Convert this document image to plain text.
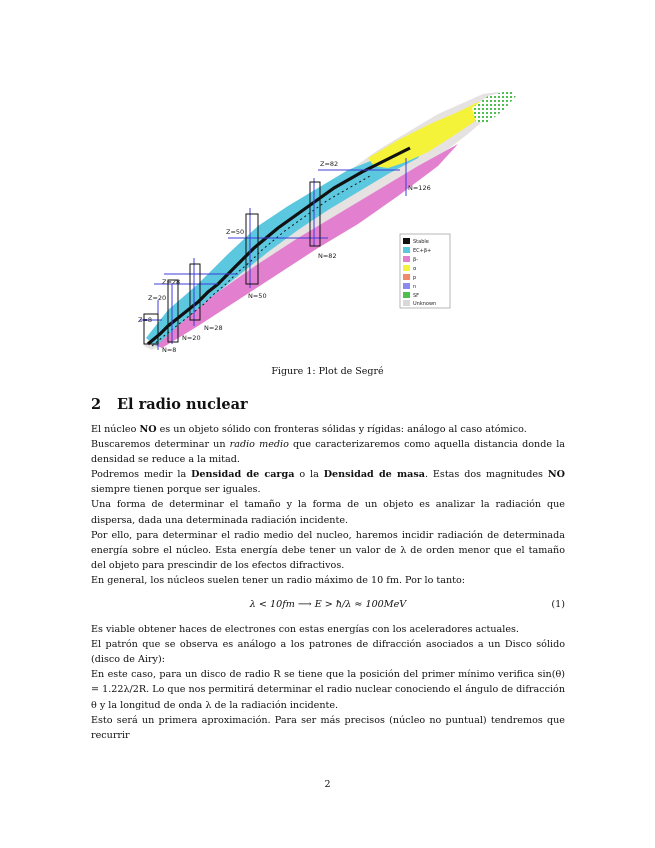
Z=8
Z=20
Z=28
Z=50
Z=82
N=8
N=20
N=28
N=50
N=82
N=126
Stable
EC+β+
β-
α
p
n
SF
Unknown
Figure 1: Plot de Segré
2 El radio nuclear

El núcleo NO es un objeto sólido con fronteras sólidas y rígidas: análogo al caso atómico.

Buscaremos determinar un radio medio que caracterizaremos como aquella distancia donde la densidad se reduce a la mitad.

Podremos medir la Densidad de carga o la Densidad de masa. Estas dos magnitudes NO siempre tienen porque ser iguales.

Una forma de determinar el tamaño y la forma de un objeto es analizar la radiación que dispersa, dada una determinada radiación incidente.

Por ello, para determinar el radio medio del nucleo, haremos incidir radiación de determinada energía sobre el núcleo. Esta energía debe tener un valor de λ de orden menor que el tamaño del objeto para prescindir de los efectos difractivos.

En general, los núcleos suelen tener un radio máximo de 10 fm. Por lo tanto:

λ < 10fm ⟶ E > ħ/λ ≈ 100MeV	(1)

Es viable obtener haces de electrones con estas energías con los aceleradores actuales.

El patrón que se observa es análogo a los patrones de difracción asociados a un Disco sólido (disco de Airy):

En este caso, para un disco de radio R se tiene que la posición del primer mínimo verifica sin(θ) = 1.22λ/2R. Lo que nos permitirá determinar el radio nuclear conociendo el ángulo de difracción θ y la longitud de onda λ de la radiación incidente.

Esto será un primera aproximación. Para ser más precisos (núcleo no puntual) tendremos que recurrir

2
